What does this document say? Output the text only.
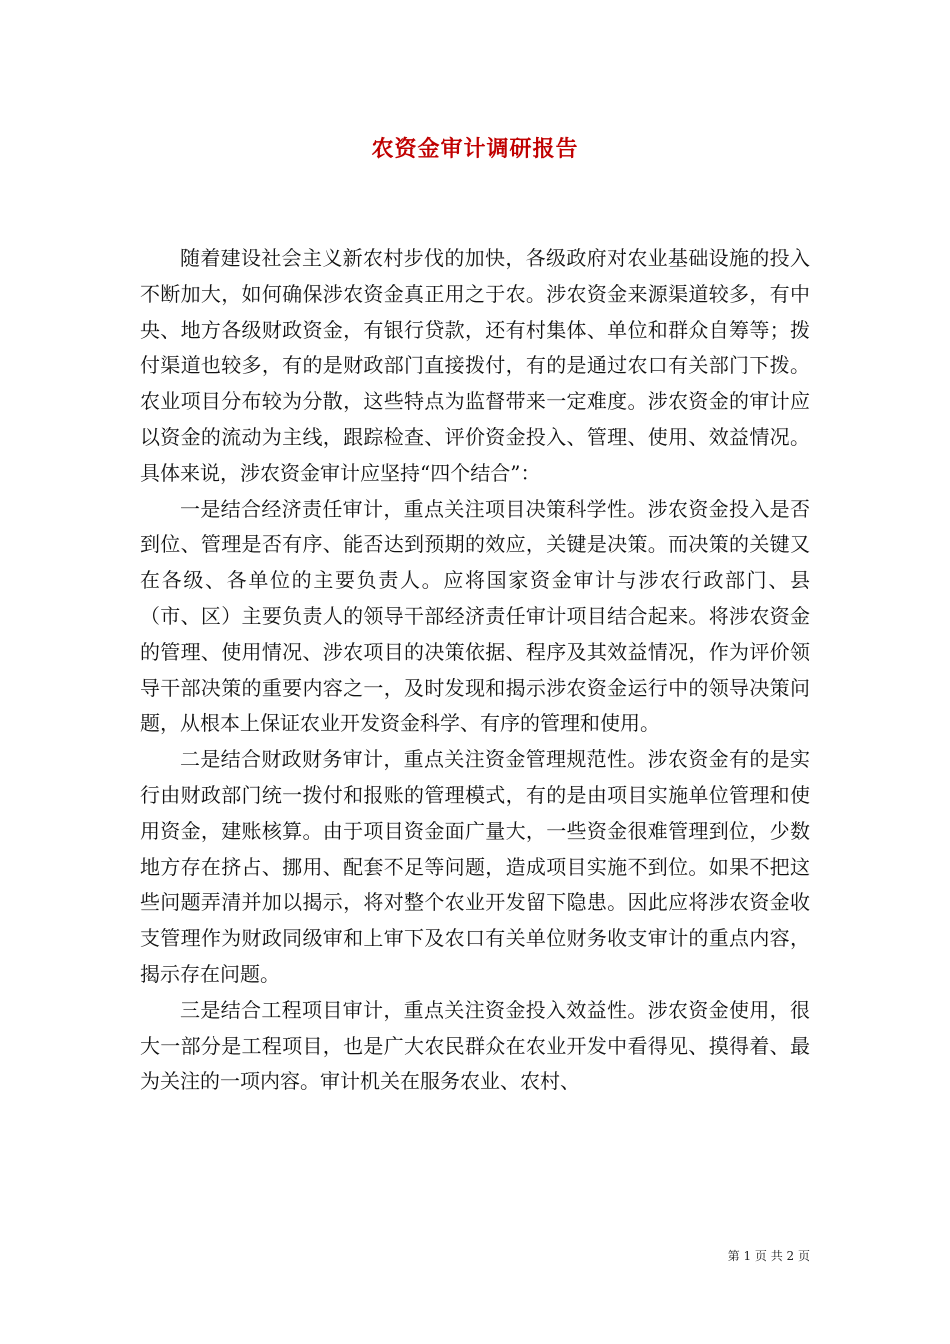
农资金审计调研报告

随着建设社会主义新农村步伐的加快，各级政府对农业基础设施的投入不断加大，如何确保涉农资金真正用之于农。涉农资金来源渠道较多，有中央、地方各级财政资金，有银行贷款，还有村集体、单位和群众自筹等；拨付渠道也较多，有的是财政部门直接拨付，有的是通过农口有关部门下拨。农业项目分布较为分散，这些特点为监督带来一定难度。涉农资金的审计应以资金的流动为主线，跟踪检查、评价资金投入、管理、使用、效益情况。具体来说，涉农资金审计应坚持“四个结合”：

一是结合经济责任审计，重点关注项目决策科学性。涉农资金投入是否到位、管理是否有序、能否达到预期的效应，关键是决策。而决策的关键又在各级、各单位的主要负责人。应将国家资金审计与涉农行政部门、县（市、区）主要负责人的领导干部经济责任审计项目结合起来。将涉农资金的管理、使用情况、涉农项目的决策依据、程序及其效益情况，作为评价领导干部决策的重要内容之一，及时发现和揭示涉农资金运行中的领导决策问题，从根本上保证农业开发资金科学、有序的管理和使用。

二是结合财政财务审计，重点关注资金管理规范性。涉农资金有的是实行由财政部门统一拨付和报账的管理模式，有的是由项目实施单位管理和使用资金，建账核算。由于项目资金面广量大，一些资金很难管理到位，少数地方存在挤占、挪用、配套不足等问题，造成项目实施不到位。如果不把这些问题弄清并加以揭示，将对整个农业开发留下隐患。因此应将涉农资金收支管理作为财政同级审和上审下及农口有关单位财务收支审计的重点内容，揭示存在问题。

三是结合工程项目审计，重点关注资金投入效益性。涉农资金使用，很大一部分是工程项目，也是广大农民群众在农业开发中看得见、摸得着、最为关注的一项内容。审计机关在服务农业、农村、

第 1 页 共 2 页
